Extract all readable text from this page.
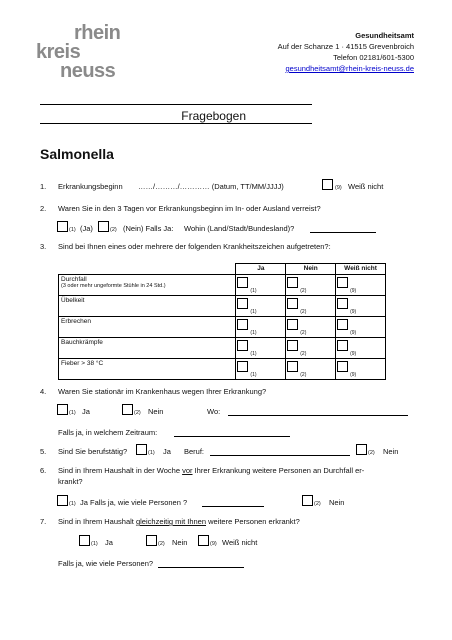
rhein
kreis
neuss
Gesundheitsamt
Auf der Schanze 1 · 41515 Grevenbroich
Telefon 02181/601-5300
gesundheitsamt@rhein-kreis-neuss.de
Fragebogen
Salmonella
1. Erkrankungsbeginn ……/………/………… (Datum, TT/MM/JJJJ)	(9) Weiß nicht
2. Waren Sie in den 3 Tagen vor Erkrankungsbeginn im In- oder Ausland verreist?
(1) (Ja)	(2) (Nein) Falls Ja: Wohin (Land/Stadt/Bundesland)?
3. Sind bei Ihnen eines oder mehrere der folgenden Krankheitszeichen aufgetreten?:
	Ja	Nein	Weiß nicht

Durchfall
(3 oder mehr ungeformte Stühle in 24 Std.)	(1)	(2)	(9)

Übelkeit	(1)	(2)	(9)

Erbrechen	(1)	(2)	(9)

Bauchkrämpfe	(1)	(2)	(9)

Fieber > 38 °C	(1)	(2)	(9)
4. Waren Sie stationär im Krankenhaus wegen Ihrer Erkrankung?
(1) Ja	(2) Nein	Wo:
Falls ja, in welchem Zeitraum:
5. Sind Sie berufstätig?	(1) Ja Beruf:	(2) Nein
6. Sind in Ihrem Haushalt in der Woche vor Ihrer Erkrankung weitere Personen an Durchfall er-
krankt?
(1) Ja Falls ja, wie viele Personen ?	(2) Nein
7. Sind in Ihrem Haushalt gleichzeitig mit Ihnen weitere Personen erkrankt?
(1) Ja	(2) Nein	(9) Weiß nicht
Falls ja, wie viele Personen?
